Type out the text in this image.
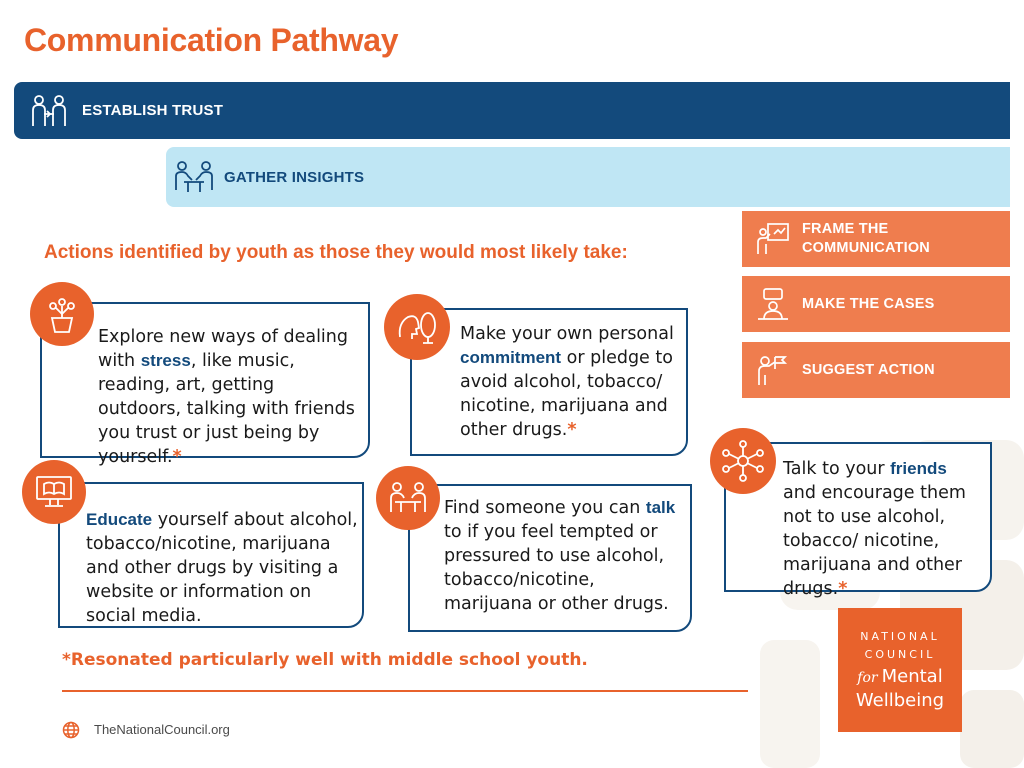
Communication Pathway
ESTABLISH TRUST
GATHER INSIGHTS
FRAME THE
COMMUNICATION
MAKE THE CASES
SUGGEST ACTION
Actions identified by youth as those they would most likely take:
Explore new ways of dealing with stress, like music, reading, art, getting outdoors, talking with friends you trust or just being by yourself.*
Make your own personal commitment or pledge to avoid alcohol, tobacco/ nicotine, marijuana and other drugs.*
Educate yourself about alcohol, tobacco/nicotine, marijuana and other drugs by visiting a website or information on social media.
Find someone you can talk to if you feel tempted or pressured to use alcohol, tobacco/nicotine, marijuana or other drugs.
Talk to your friends and encourage them not to use alcohol, tobacco/ nicotine, marijuana and other drugs.*
*Resonated particularly well with middle school youth.
TheNationalCouncil.org
NATIONAL
COUNCIL
for Mental
Wellbeing
